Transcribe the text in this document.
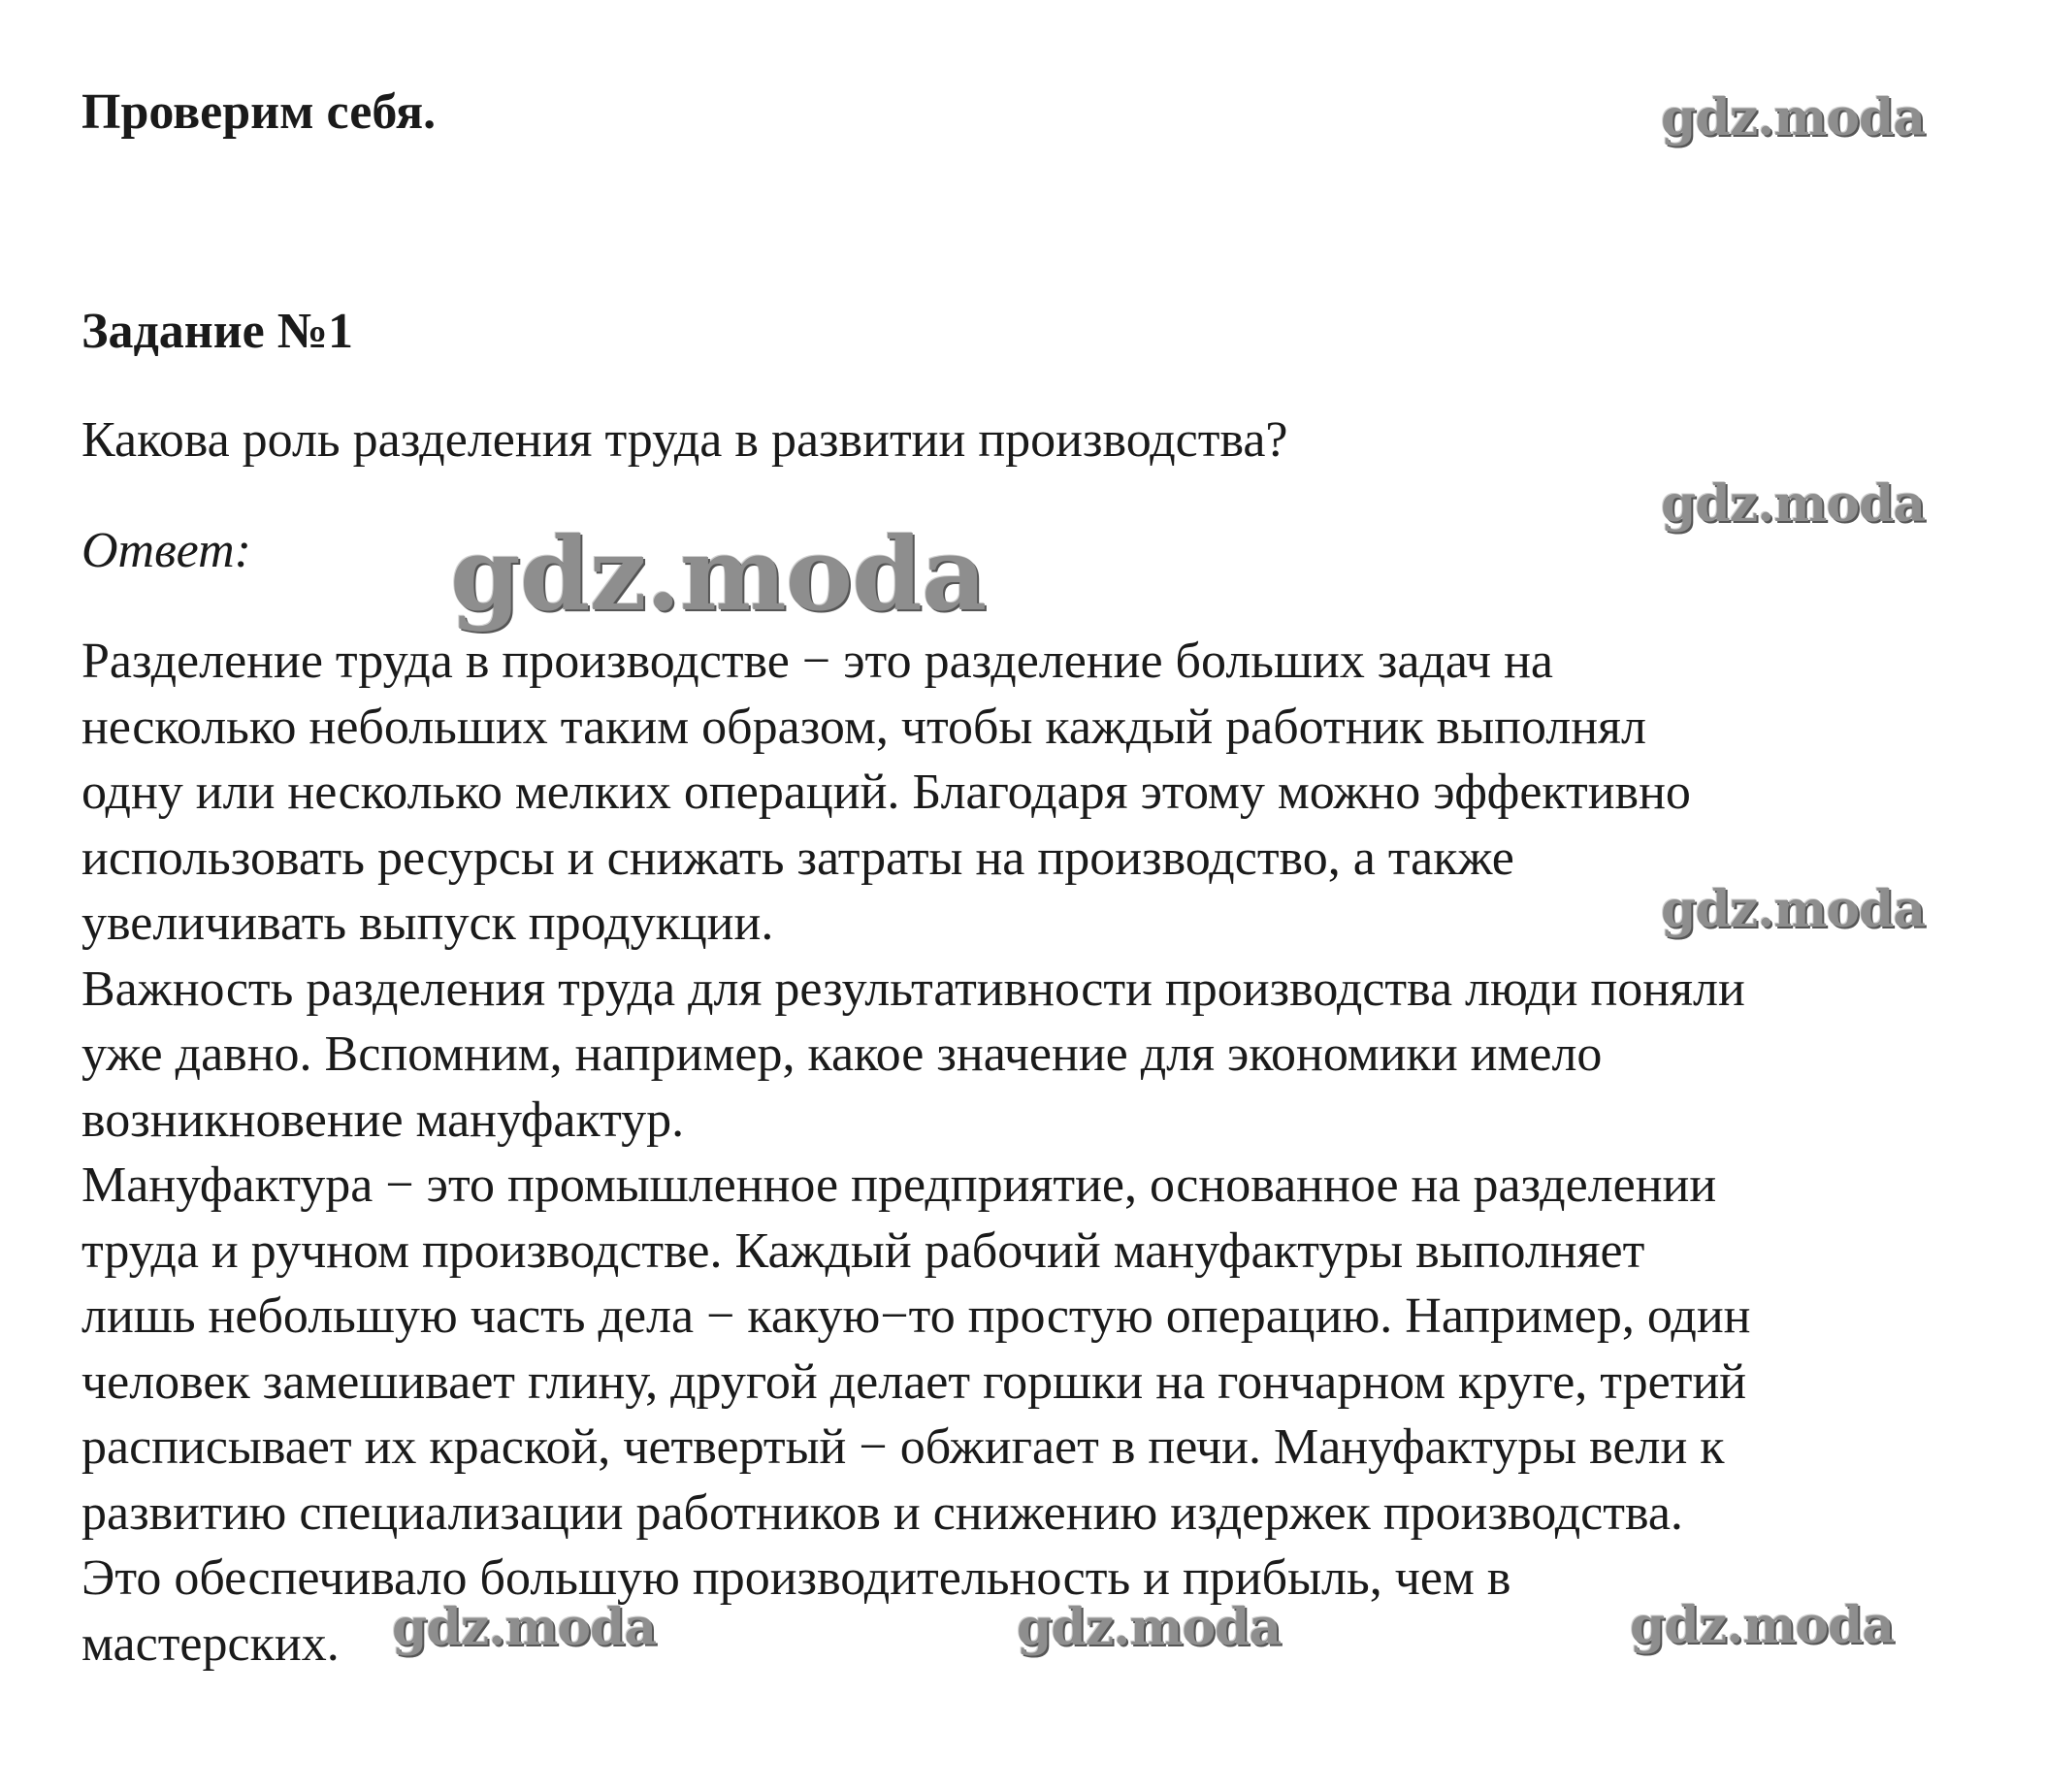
Проверим себя.
Задание №1
Какова роль разделения труда в развитии производства?
Ответ:
Разделение труда в производстве − это разделение больших задач на
несколько небольших таким образом, чтобы каждый работник выполнял
одну или несколько мелких операций. Благодаря этому можно эффективно
использовать ресурсы и снижать затраты на производство, а также
увеличивать выпуск продукции.
Важность разделения труда для результативности производства люди поняли
уже давно. Вспомним, например, какое значение для экономики имело
возникновение мануфактур.
Мануфактура − это промышленное предприятие, основанное на разделении
труда и ручном производстве. Каждый рабочий мануфактуры выполняет
лишь небольшую часть дела − какую−то простую операцию. Например, один
человек замешивает глину, другой делает горшки на гончарном круге, третий
расписывает их краской, четвертый − обжигает в печи. Мануфактуры вели к
развитию специализации работников и снижению издержек производства.
Это обеспечивало большую производительность и прибыль, чем в
мастерских.
gdz.moda
gdz.moda
gdz.moda
gdz.moda
gdz.moda	gdz.moda	gdz.moda
